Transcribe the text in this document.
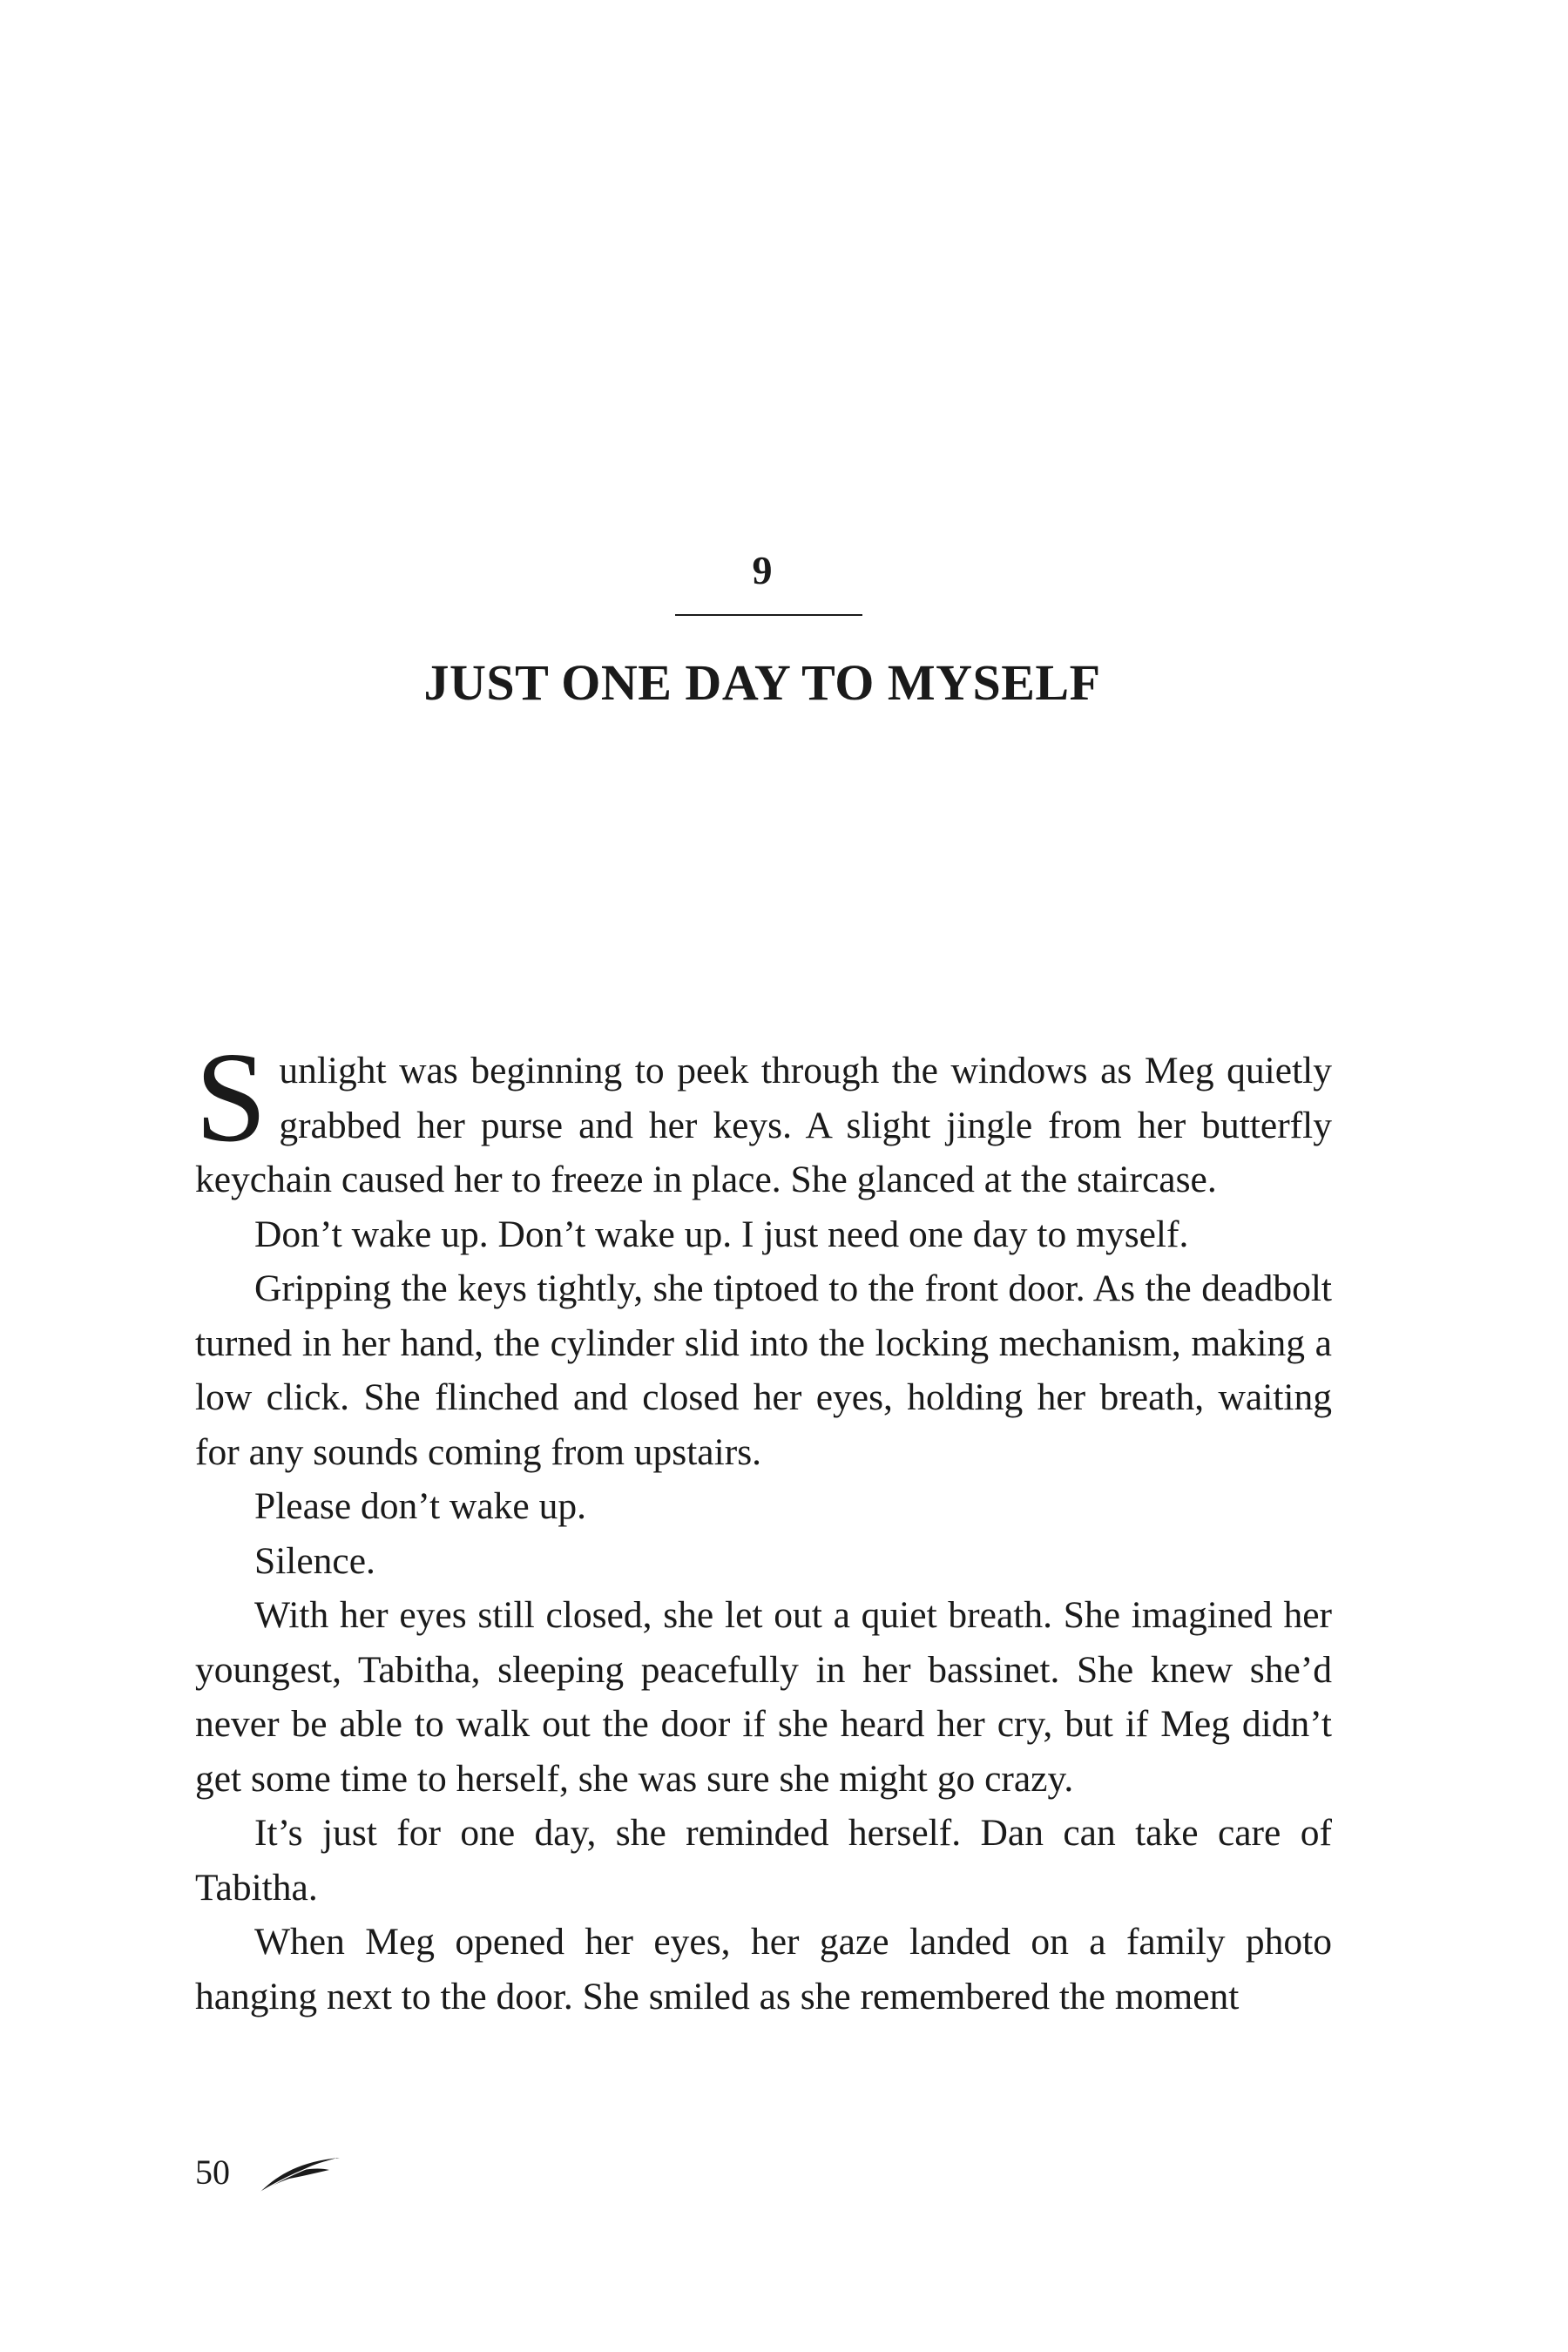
9
JUST ONE DAY TO MYSELF

Sunlight was beginning to peek through the windows as Meg quietly grabbed her purse and her keys. A slight jingle from her butterfly keychain caused her to freeze in place. She glanced at the staircase.

Don’t wake up. Don’t wake up. I just need one day to myself.

Gripping the keys tightly, she tiptoed to the front door. As the deadbolt turned in her hand, the cylinder slid into the locking mechanism, making a low click. She flinched and closed her eyes, holding her breath, waiting for any sounds coming from upstairs.

Please don’t wake up.

Silence.

With her eyes still closed, she let out a quiet breath. She imagined her youngest, Tabitha, sleeping peacefully in her bassinet. She knew she’d never be able to walk out the door if she heard her cry, but if Meg didn’t get some time to herself, she was sure she might go crazy.

It’s just for one day, she reminded herself. Dan can take care of Tabitha.

When Meg opened her eyes, her gaze landed on a family photo hanging next to the door. She smiled as she remembered the moment

50
